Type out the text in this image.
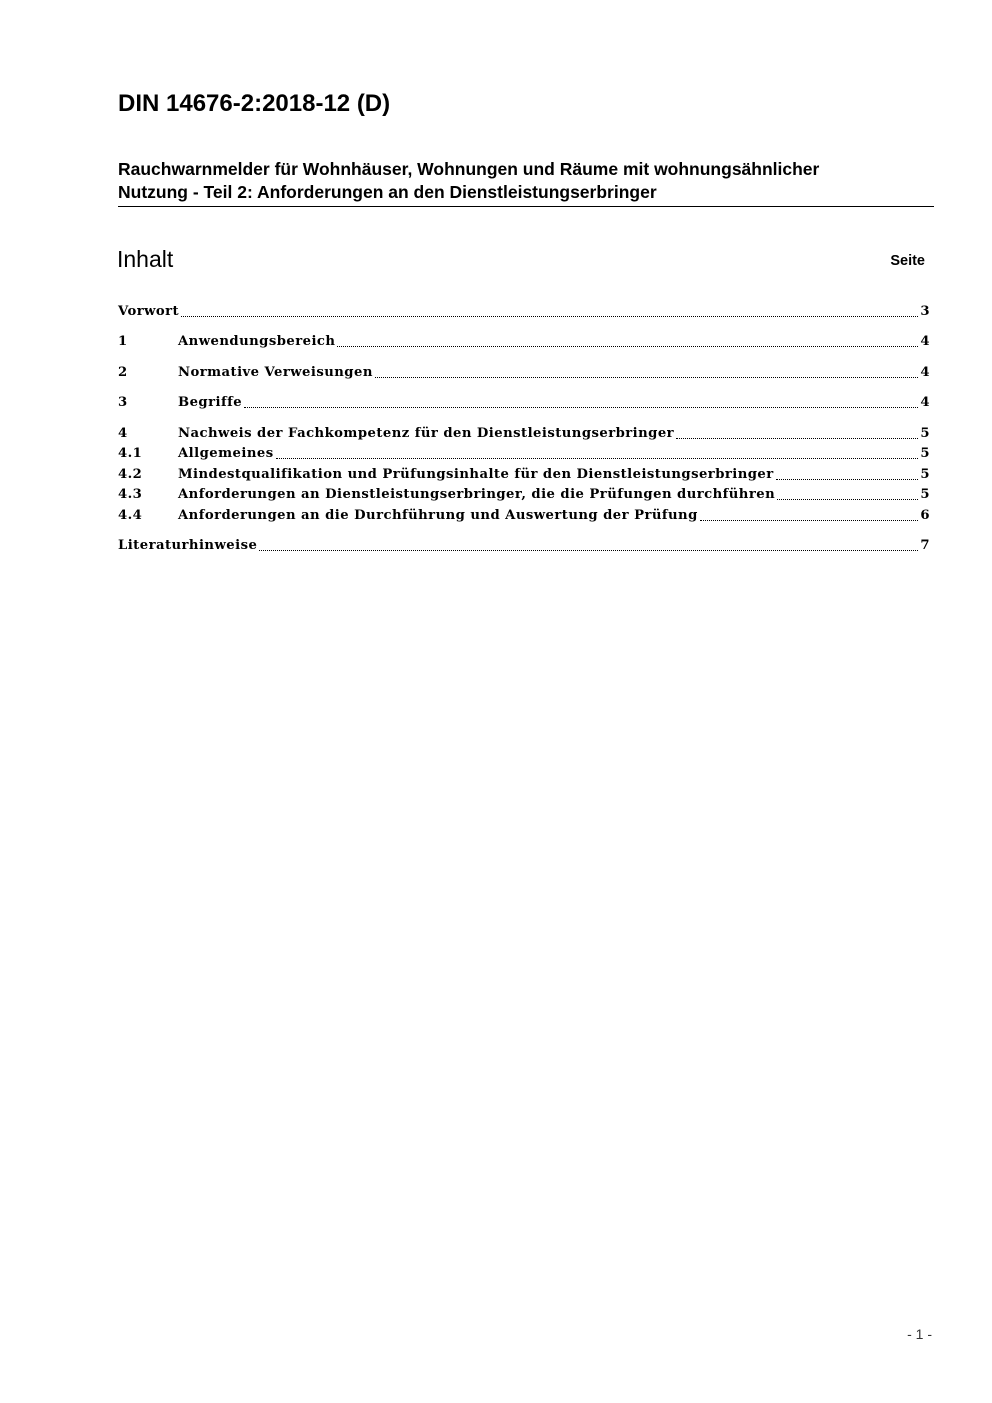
DIN 14676-2:2018-12 (D)
Rauchwarnmelder für Wohnhäuser, Wohnungen und Räume mit wohnungsähnlicher
Nutzung - Teil 2: Anforderungen an den Dienstleistungserbringer
Inhalt	Seite
Vorwort	3
1	Anwendungsbereich	4
2	Normative Verweisungen	4
3	Begriffe	4
4	Nachweis der Fachkompetenz für den Dienstleistungserbringer	5
4.1	Allgemeines	5
4.2	Mindestqualifikation und Prüfungsinhalte für den Dienstleistungserbringer	5
4.3	Anforderungen an Dienstleistungserbringer, die die Prüfungen durchführen	5
4.4	Anforderungen an die Durchführung und Auswertung der Prüfung	6
Literaturhinweise	7
- 1 -
